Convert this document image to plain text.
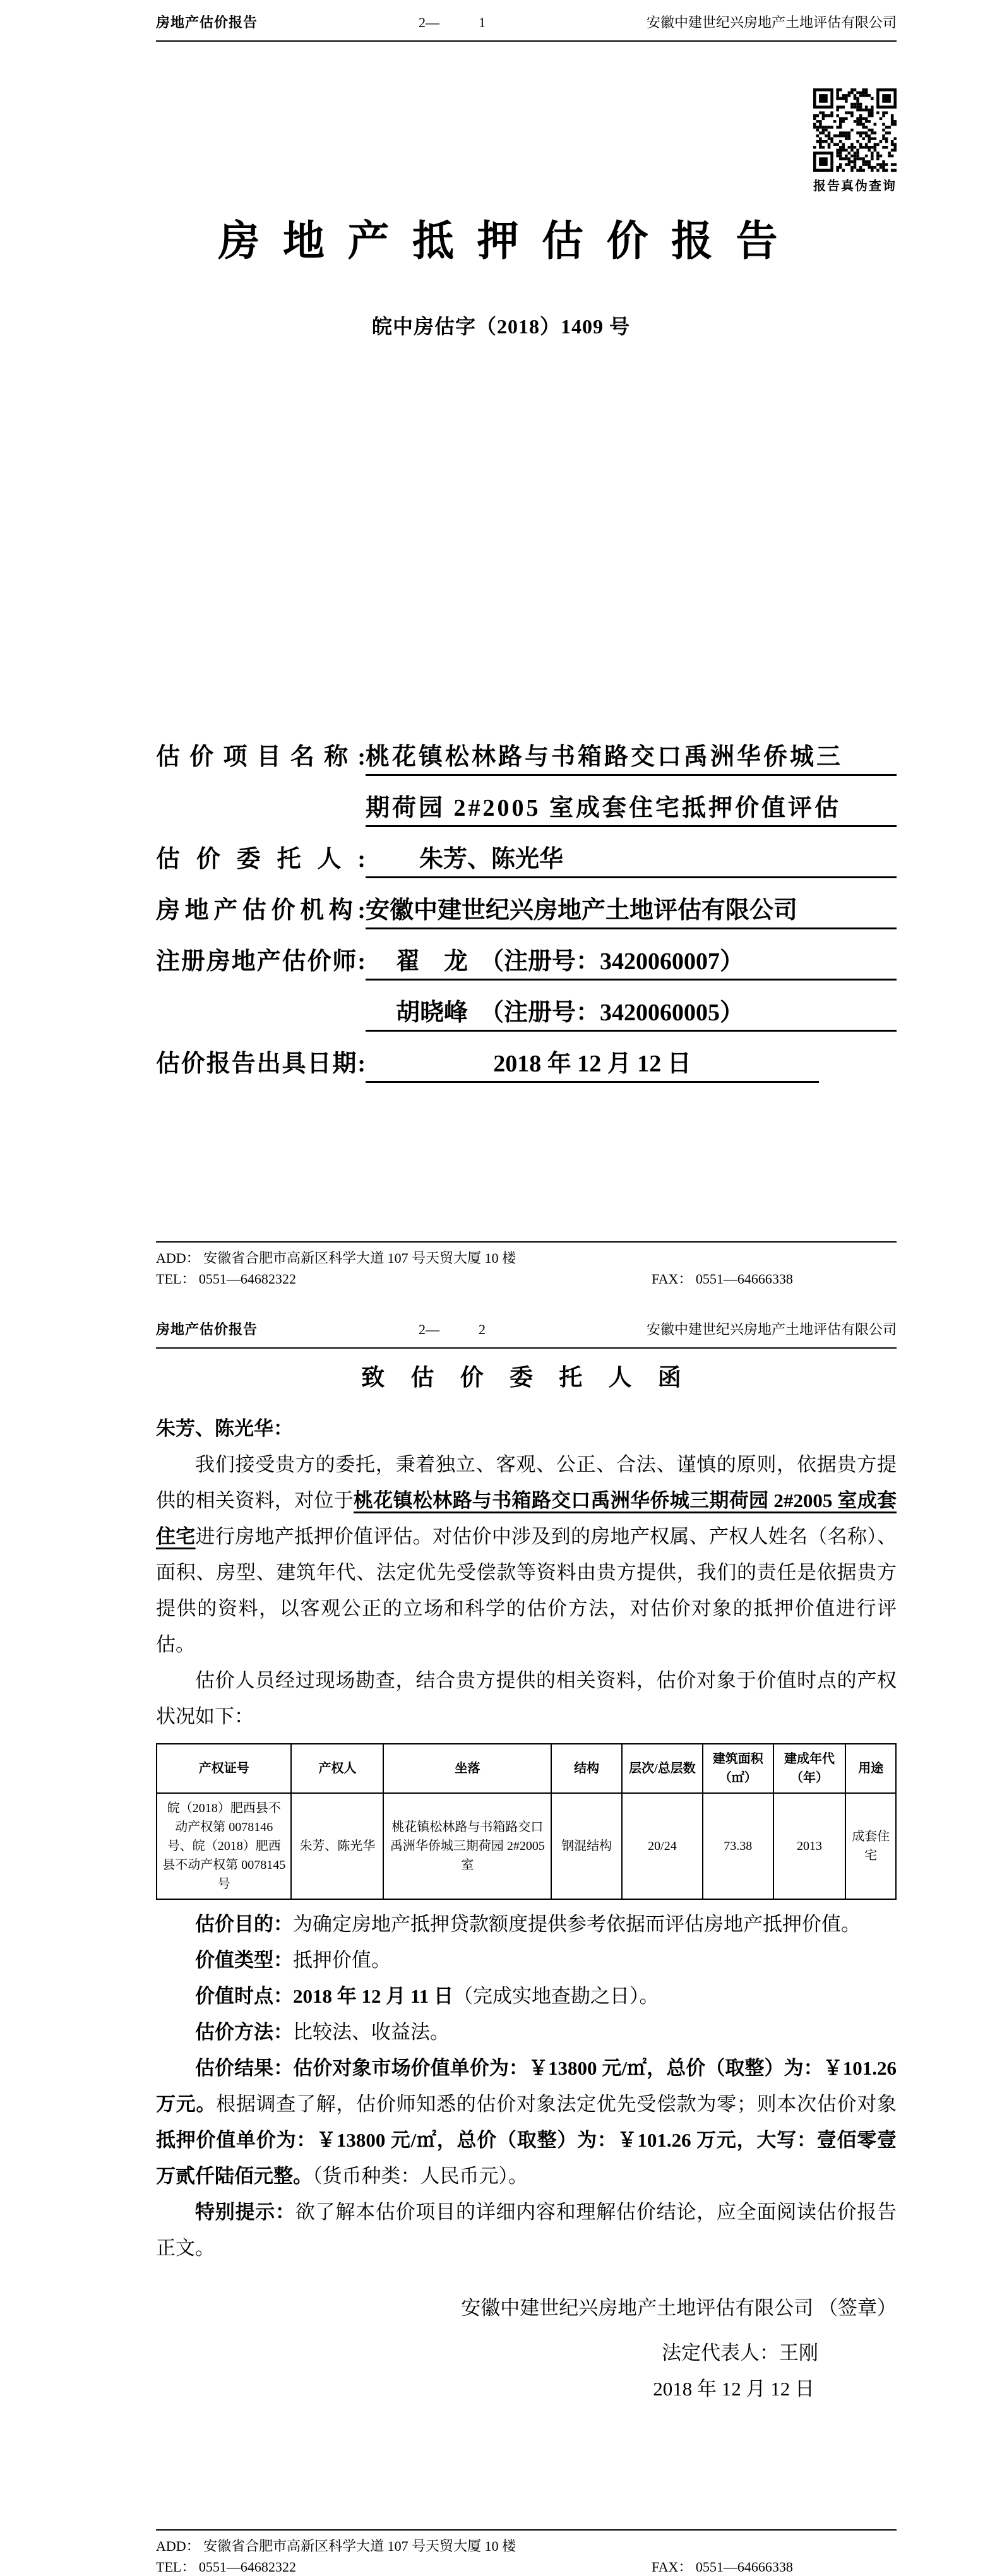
房地产估价报告	2—	1	安徽中建世纪兴房地产土地评估有限公司
报告真伪查询
房 地 产 抵 押 估 价 报 告
皖中房估字（2018）1409 号
估价项目名称: 桃花镇松林路与书箱路交口禹洲华侨城三
期荷园 2#2005 室成套住宅抵押价值评估
估价委托人:	朱芳、陈光华
房地产估价机构: 安徽中建世纪兴房地产土地评估有限公司
注册房地产估价师:	翟　龙　（注册号：3420060007）
胡晓峰　（注册号：3420060005）
估价报告出具日期:	2018 年 12 月 12 日
ADD： 安徽省合肥市高新区科学大道 107 号天贸大厦 10 楼
TEL： 0551—64682322	FAX： 0551—64666338
房地产估价报告	2—	2	安徽中建世纪兴房地产土地评估有限公司
致 估 价 委 托 人 函
朱芳、陈光华：
我们接受贵方的委托，秉着独立、客观、公正、合法、谨慎的原则，依据贵方提供的相关资料，对位于桃花镇松林路与书箱路交口禹洲华侨城三期荷园 2#2005 室成套住宅进行房地产抵押价值评估。对估价中涉及到的房地产权属、产权人姓名（名称）、面积、房型、建筑年代、法定优先受偿款等资料由贵方提供，我们的责任是依据贵方提供的资料，以客观公正的立场和科学的估价方法，对估价对象的抵押价值进行评估。
估价人员经过现场勘查，结合贵方提供的相关资料，估价对象于价值时点的产权状况如下：
产权证号	产权人	坐落	结构	层次/总层数	建筑面积（㎡）	建成年代（年）	用途
皖（2018）肥西县不动产权第 0078146 号、皖（2018）肥西县不动产权第 0078145 号	朱芳、陈光华	桃花镇松林路与书箱路交口禹洲华侨城三期荷园 2#2005 室	钢混结构	20/24	73.38	2013	成套住宅
估价目的：为确定房地产抵押贷款额度提供参考依据而评估房地产抵押价值。
价值类型：抵押价值。
价值时点：2018 年 12 月 11 日（完成实地查勘之日）。
估价方法：比较法、收益法。
估价结果：估价对象市场价值单价为：￥13800 元/㎡，总价（取整）为：￥101.26 万元。根据调查了解，估价师知悉的估价对象法定优先受偿款为零；则本次估价对象抵押价值单价为：￥13800 元/㎡，总价（取整）为：￥101.26 万元，大写：壹佰零壹万贰仟陆佰元整。（货币种类：人民币元）。
特别提示：欲了解本估价项目的详细内容和理解估价结论，应全面阅读估价报告正文。
安徽中建世纪兴房地产土地评估有限公司 （签章）
法定代表人：王刚
2018 年 12 月 12 日
ADD： 安徽省合肥市高新区科学大道 107 号天贸大厦 10 楼
TEL： 0551—64682322	FAX： 0551—64666338
